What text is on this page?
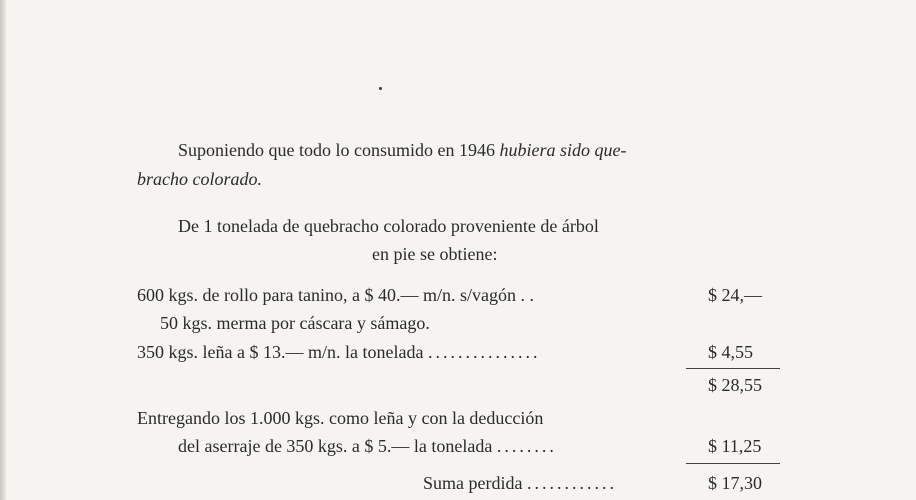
Suponiendo que todo lo consumido en 1946 hubiera sido que-
bracho colorado.
De 1 tonelada de quebracho colorado proveniente de árbol
en pie se obtiene:
600 kgs. de rollo para tanino, a $ 40.— m/n. s/vagón . .	$ 24,—
50 kgs. merma por cáscara y sámago.
350 kgs. leña a $ 13.— m/n. la tonelada ...............	$ 4,55
$ 28,55
Entregando los 1.000 kgs. como leña y con la deducción
del aserraje de 350 kgs. a $ 5.— la tonelada ........	$ 11,25
Suma perdida ............	$ 17,30
